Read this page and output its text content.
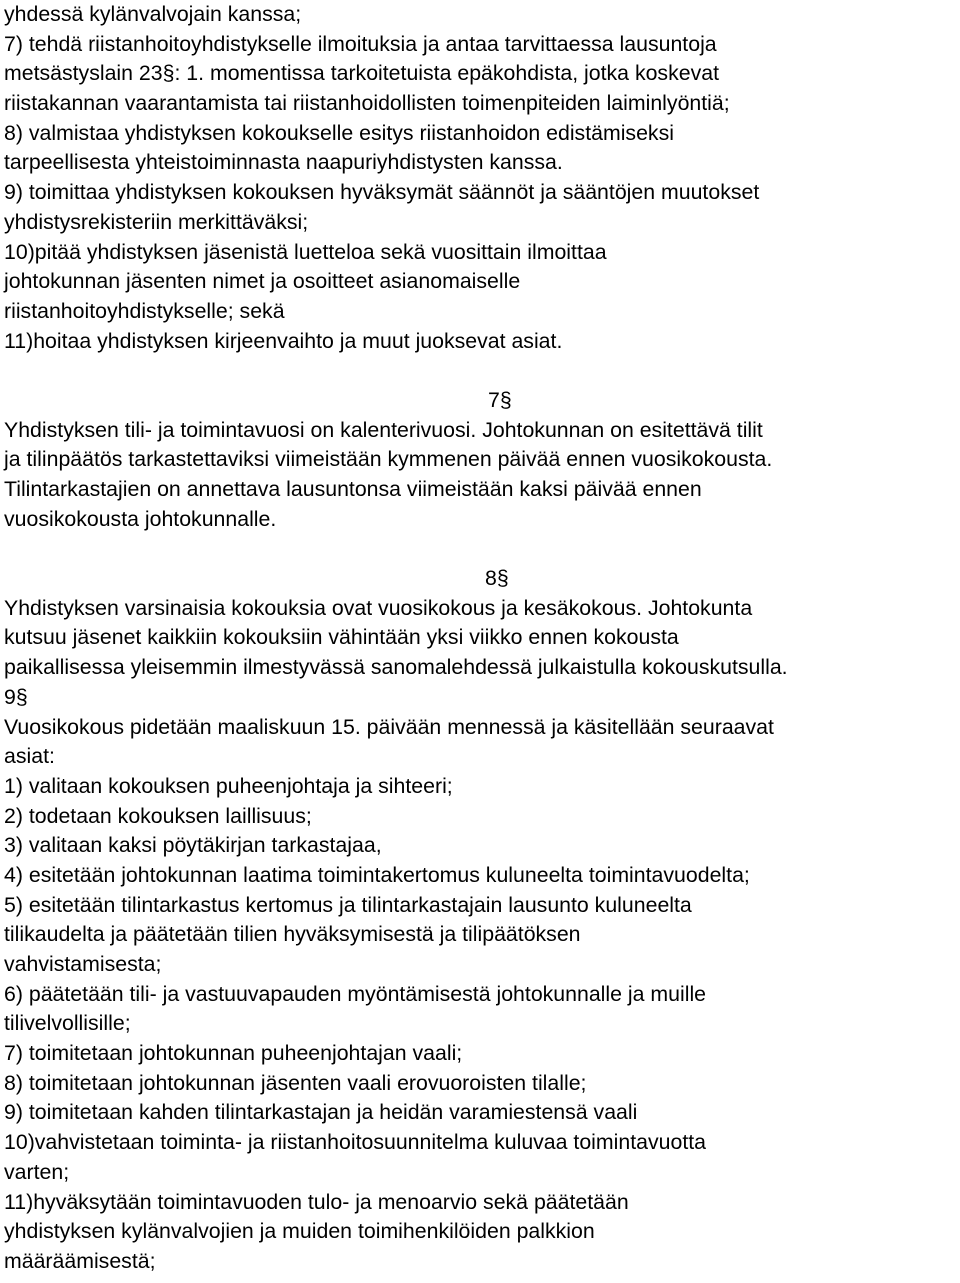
yhdessä kylänvalvojain kanssa;
7) tehdä riistanhoitoyhdistykselle ilmoituksia ja antaa tarvittaessa lausuntoja
metsästyslain 23§: 1. momentissa tarkoitetuista epäkohdista, jotka koskevat
riistakannan vaarantamista tai riistanhoidollisten toimenpiteiden laiminlyöntiä;
8) valmistaa yhdistyksen kokoukselle esitys riistanhoidon edistämiseksi
tarpeellisesta yhteistoiminnasta naapuriyhdistysten kanssa.
9) toimittaa yhdistyksen kokouksen hyväksymät säännöt ja sääntöjen muutokset
yhdistysrekisteriin merkittäväksi;
10)pitää yhdistyksen jäsenistä luetteloa sekä vuosittain ilmoittaa
johtokunnan jäsenten nimet ja osoitteet asianomaiselle
riistanhoitoyhdistykselle; sekä
11)hoitaa yhdistyksen kirjeenvaihto ja muut juoksevat asiat.
7§
Yhdistyksen tili- ja toimintavuosi on kalenterivuosi. Johtokunnan on esitettävä tilit
ja tilinpäätös tarkastettaviksi viimeistään kymmenen päivää ennen vuosikokousta.
Tilintarkastajien on annettava lausuntonsa viimeistään kaksi päivää ennen
vuosikokousta johtokunnalle.
8§
Yhdistyksen varsinaisia kokouksia ovat vuosikokous ja kesäkokous. Johtokunta
kutsuu jäsenet kaikkiin kokouksiin vähintään yksi viikko ennen kokousta
paikallisessa yleisemmin ilmestyvässä sanomalehdessä julkaistulla kokouskutsulla.
9§
Vuosikokous pidetään maaliskuun 15. päivään mennessä ja käsitellään seuraavat
asiat:
1) valitaan kokouksen puheenjohtaja ja sihteeri;
2) todetaan kokouksen laillisuus;
3) valitaan kaksi pöytäkirjan tarkastajaa,
4) esitetään johtokunnan laatima toimintakertomus kuluneelta toimintavuodelta;
5) esitetään tilintarkastus kertomus ja tilintarkastajain lausunto kuluneelta
tilikaudelta ja päätetään tilien hyväksymisestä ja tilipäätöksen
vahvistamisesta;
6) päätetään tili- ja vastuuvapauden myöntämisestä johtokunnalle ja muille
tilivelvollisille;
7) toimitetaan johtokunnan puheenjohtajan vaali;
8) toimitetaan johtokunnan jäsenten vaali erovuoroisten tilalle;
9) toimitetaan kahden tilintarkastajan ja heidän varamiestensä vaali
10)vahvistetaan toiminta- ja riistanhoitosuunnitelma kuluvaa toimintavuotta
varten;
11)hyväksytään toimintavuoden tulo- ja menoarvio sekä päätetään
yhdistyksen kylänvalvojien ja muiden toimihenkilöiden palkkion
määräämisestä;
